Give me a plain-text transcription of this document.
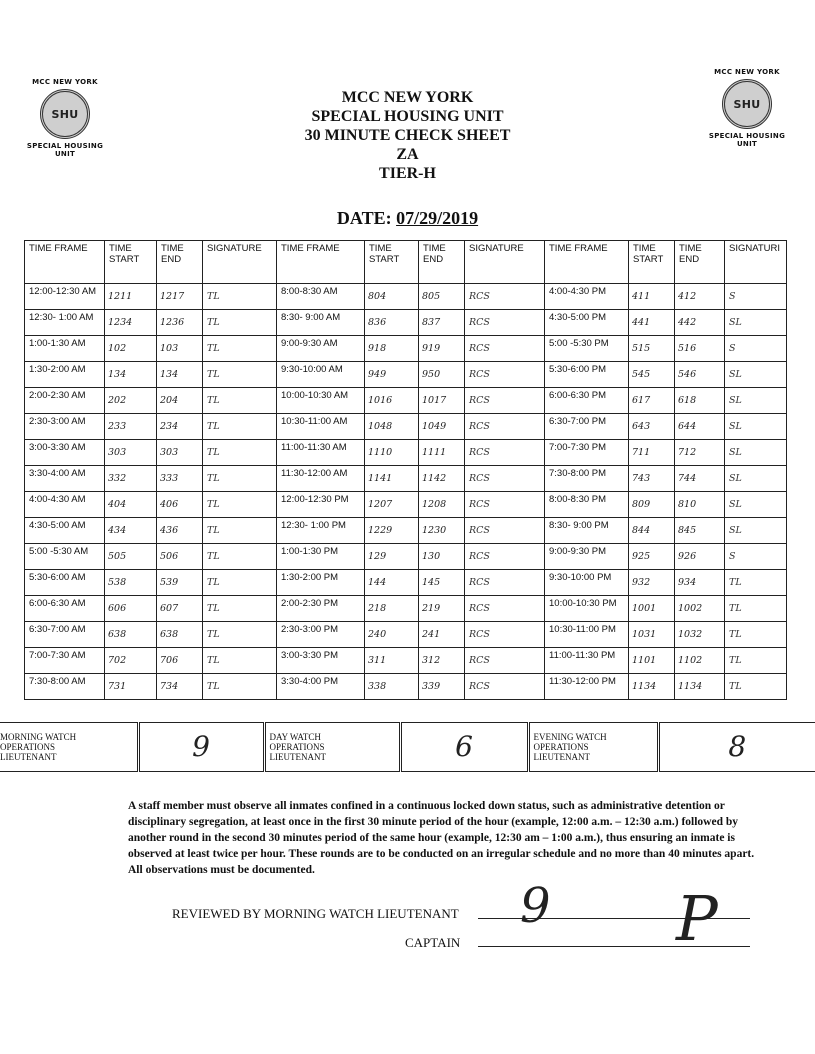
MCC NEW YORK
SHU
SPECIAL HOUSING UNIT
MCC NEW YORK
SHU
SPECIAL HOUSING UNIT
MCC NEW YORK
SPECIAL HOUSING UNIT
30 MINUTE CHECK SHEET
ZA
TIER-H
DATE: 07/29/2019
TIME FRAME	TIME START	TIME END	SIGNATURE	TIME FRAME	TIME START	TIME END	SIGNATURE	TIME FRAME	TIME START	TIME END	SIGNATURI
12:00-12:30 AM	1211	1217	TL	8:00-8:30 AM	804	805	RCS	4:00-4:30 PM	411	412	S
12:30- 1:00 AM	1234	1236	TL	8:30- 9:00 AM	836	837	RCS	4:30-5:00 PM	441	442	SL
1:00-1:30 AM	102	103	TL	9:00-9:30 AM	918	919	RCS	5:00 -5:30 PM	515	516	S
1:30-2:00 AM	134	134	TL	9:30-10:00 AM	949	950	RCS	5:30-6:00 PM	545	546	SL
2:00-2:30 AM	202	204	TL	10:00-10:30 AM	1016	1017	RCS	6:00-6:30 PM	617	618	SL
2:30-3:00 AM	233	234	TL	10:30-11:00 AM	1048	1049	RCS	6:30-7:00 PM	643	644	SL
3:00-3:30 AM	303	303	TL	11:00-11:30 AM	1110	1111	RCS	7:00-7:30 PM	711	712	SL
3:30-4:00 AM	332	333	TL	11:30-12:00 AM	1141	1142	RCS	7:30-8:00 PM	743	744	SL
4:00-4:30 AM	404	406	TL	12:00-12:30 PM	1207	1208	RCS	8:00-8:30 PM	809	810	SL
4:30-5:00 AM	434	436	TL	12:30- 1:00 PM	1229	1230	RCS	8:30- 9:00 PM	844	845	SL
5:00 -5:30 AM	505	506	TL	1:00-1:30 PM	129	130	RCS	9:00-9:30 PM	925	926	S
5:30-6:00 AM	538	539	TL	1:30-2:00 PM	144	145	RCS	9:30-10:00 PM	932	934	TL
6:00-6:30 AM	606	607	TL	2:00-2:30 PM	218	219	RCS	10:00-10:30 PM	1001	1002	TL
6:30-7:00 AM	638	638	TL	2:30-3:00 PM	240	241	RCS	10:30-11:00 PM	1031	1032	TL
7:00-7:30 AM	702	706	TL	3:00-3:30 PM	311	312	RCS	11:00-11:30 PM	1101	1102	TL
7:30-8:00 AM	731	734	TL	3:30-4:00 PM	338	339	RCS	11:30-12:00 PM	1134	1134	TL
MORNING WATCH
OPERATIONS
LIEUTENANT	9	DAY WATCH
OPERATIONS
LIEUTENANT	6	EVENING WATCH
OPERATIONS
LIEUTENANT	8
A staff member must observe all inmates confined in a continuous locked down status, such as administrative detention or disciplinary segregation, at least once in the first 30 minute period of the hour (example, 12:00 a.m. – 12:30 a.m.) followed by another round in the second 30 minutes period of the same hour (example, 12:30 am – 1:00 a.m.), thus ensuring an inmate is observed at least twice per hour. These rounds are to be conducted on an irregular schedule and no more than 40 minutes apart. All observations must be documented.
REVIEWED BY MORNING WATCH LIEUTENANT 9
CAPTAIN	P
